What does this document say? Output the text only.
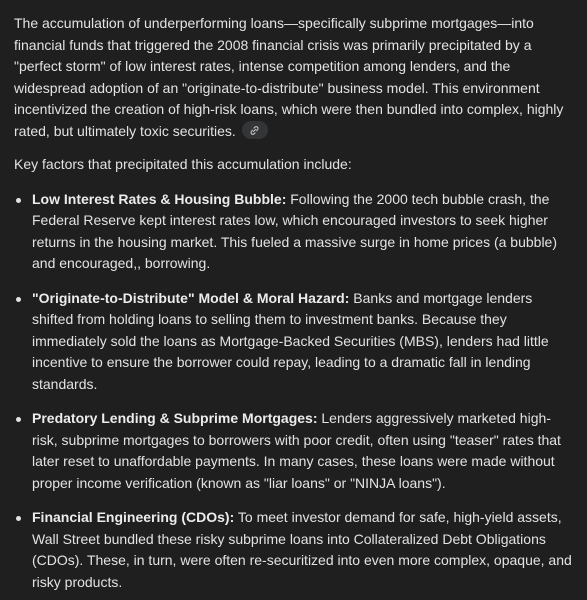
The accumulation of underperforming loans—specifically subprime mortgages—into financial funds that triggered the 2008 financial crisis was primarily precipitated by a "perfect storm" of low interest rates, intense competition among lenders, and the widespread adoption of an "originate-to-distribute" business model. This environment incentivized the creation of high-risk loans, which were then bundled into complex, highly rated, but ultimately toxic securities.

Key factors that precipitated this accumulation include:

Low Interest Rates & Housing Bubble: Following the 2000 tech bubble crash, the Federal Reserve kept interest rates low, which encouraged investors to seek higher returns in the housing market. This fueled a massive surge in home prices (a bubble) and encouraged,, borrowing.
"Originate-to-Distribute" Model & Moral Hazard: Banks and mortgage lenders shifted from holding loans to selling them to investment banks. Because they immediately sold the loans as Mortgage-Backed Securities (MBS), lenders had little incentive to ensure the borrower could repay, leading to a dramatic fall in lending standards.
Predatory Lending & Subprime Mortgages: Lenders aggressively marketed high-risk, subprime mortgages to borrowers with poor credit, often using "teaser" rates that later reset to unaffordable payments. In many cases, these loans were made without proper income verification (known as "liar loans" or "NINJA loans").
Financial Engineering (CDOs): To meet investor demand for safe, high-yield assets, Wall Street bundled these risky subprime loans into Collateralized Debt Obligations (CDOs). These, in turn, were often re-securitized into even more complex, opaque, and risky products.
